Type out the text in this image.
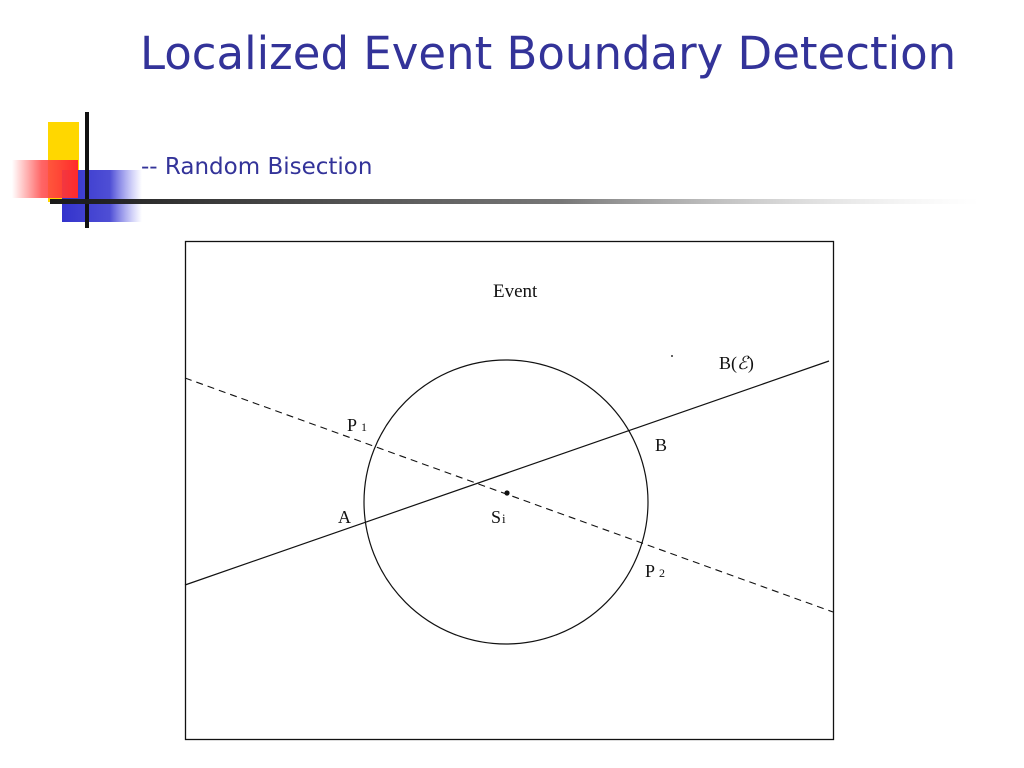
Localized Event Boundary Detection
-- Random Bisection
Event
B(ℰ)
A
B
P 1
P 2
Si
